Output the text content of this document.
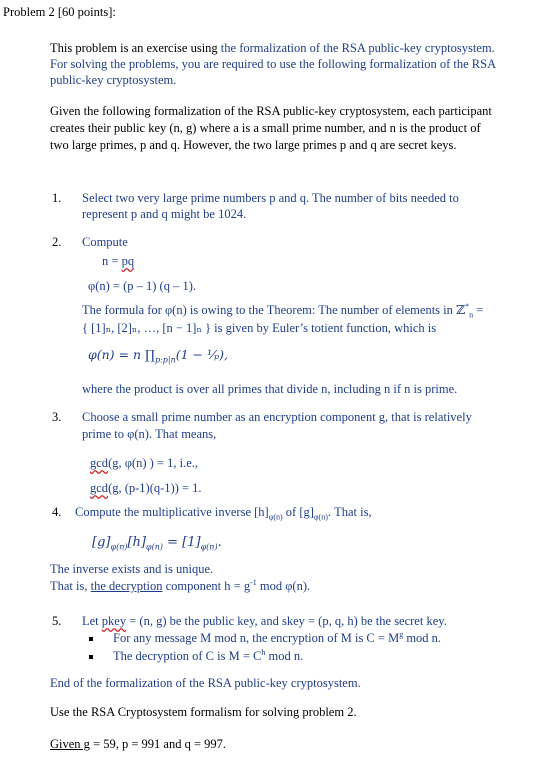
Problem 2 [60 points]:
This problem is an exercise using the formalization of the RSA public-key cryptosystem.
For solving the problems, you are required to use the following formalization of the RSA
public-key cryptosystem.
Given the following formalization of the RSA public-key cryptosystem, each participant
creates their public key (n, g) where a is a small prime number, and n is the product of
two large primes, p and q. However, the two large primes p and q are secret keys.
1. Select two very large prime numbers p and q. The number of bits needed to
represent p and q might be 1024.
2. Compute
n = pq
φ(n) = (p – 1) (q – 1).
The formula for φ(n) is owing to the Theorem: The number of elements in ℤ*$_n$ =
{ [1]ₙ, [2]ₙ, …, [n − 1]ₙ } is given by Euler’s totient function, which is
φ(n) = n $\prod_{p:p|n}(1$ − ¹⁄ₚ),
where the product is over all primes that divide n, including n if n is prime.
3. Choose a small prime number as an encryption component g, that is relatively
prime to φ(n). That means,
gcd(g, φ(n) ) = 1, i.e.,
gcd(g, (p-1)(q-1)) = 1.
4. Compute the multiplicative inverse $[h]_{\varphi(n)}$ of $[g]_{\varphi(n)}$. That is,
$[g]_{\varphi(n)}[h]_{\varphi(n)} = [1]_{\varphi(n)}$.
The inverse exists and is unique.
That is, the decryption component $h = g^{-1}$ mod φ(n).
5. Let pkey = (n, g) be the public key, and skey = (p, q, h) be the secret key.
For any message M mod n, the encryption of M is $C = M^g$ mod n.
The decryption of C is $M = C^h$ mod n.
End of the formalization of the RSA public-key cryptosystem.
Use the RSA Cryptosystem formalism for solving problem 2.
Given g = 59, p = 991 and q = 997.
